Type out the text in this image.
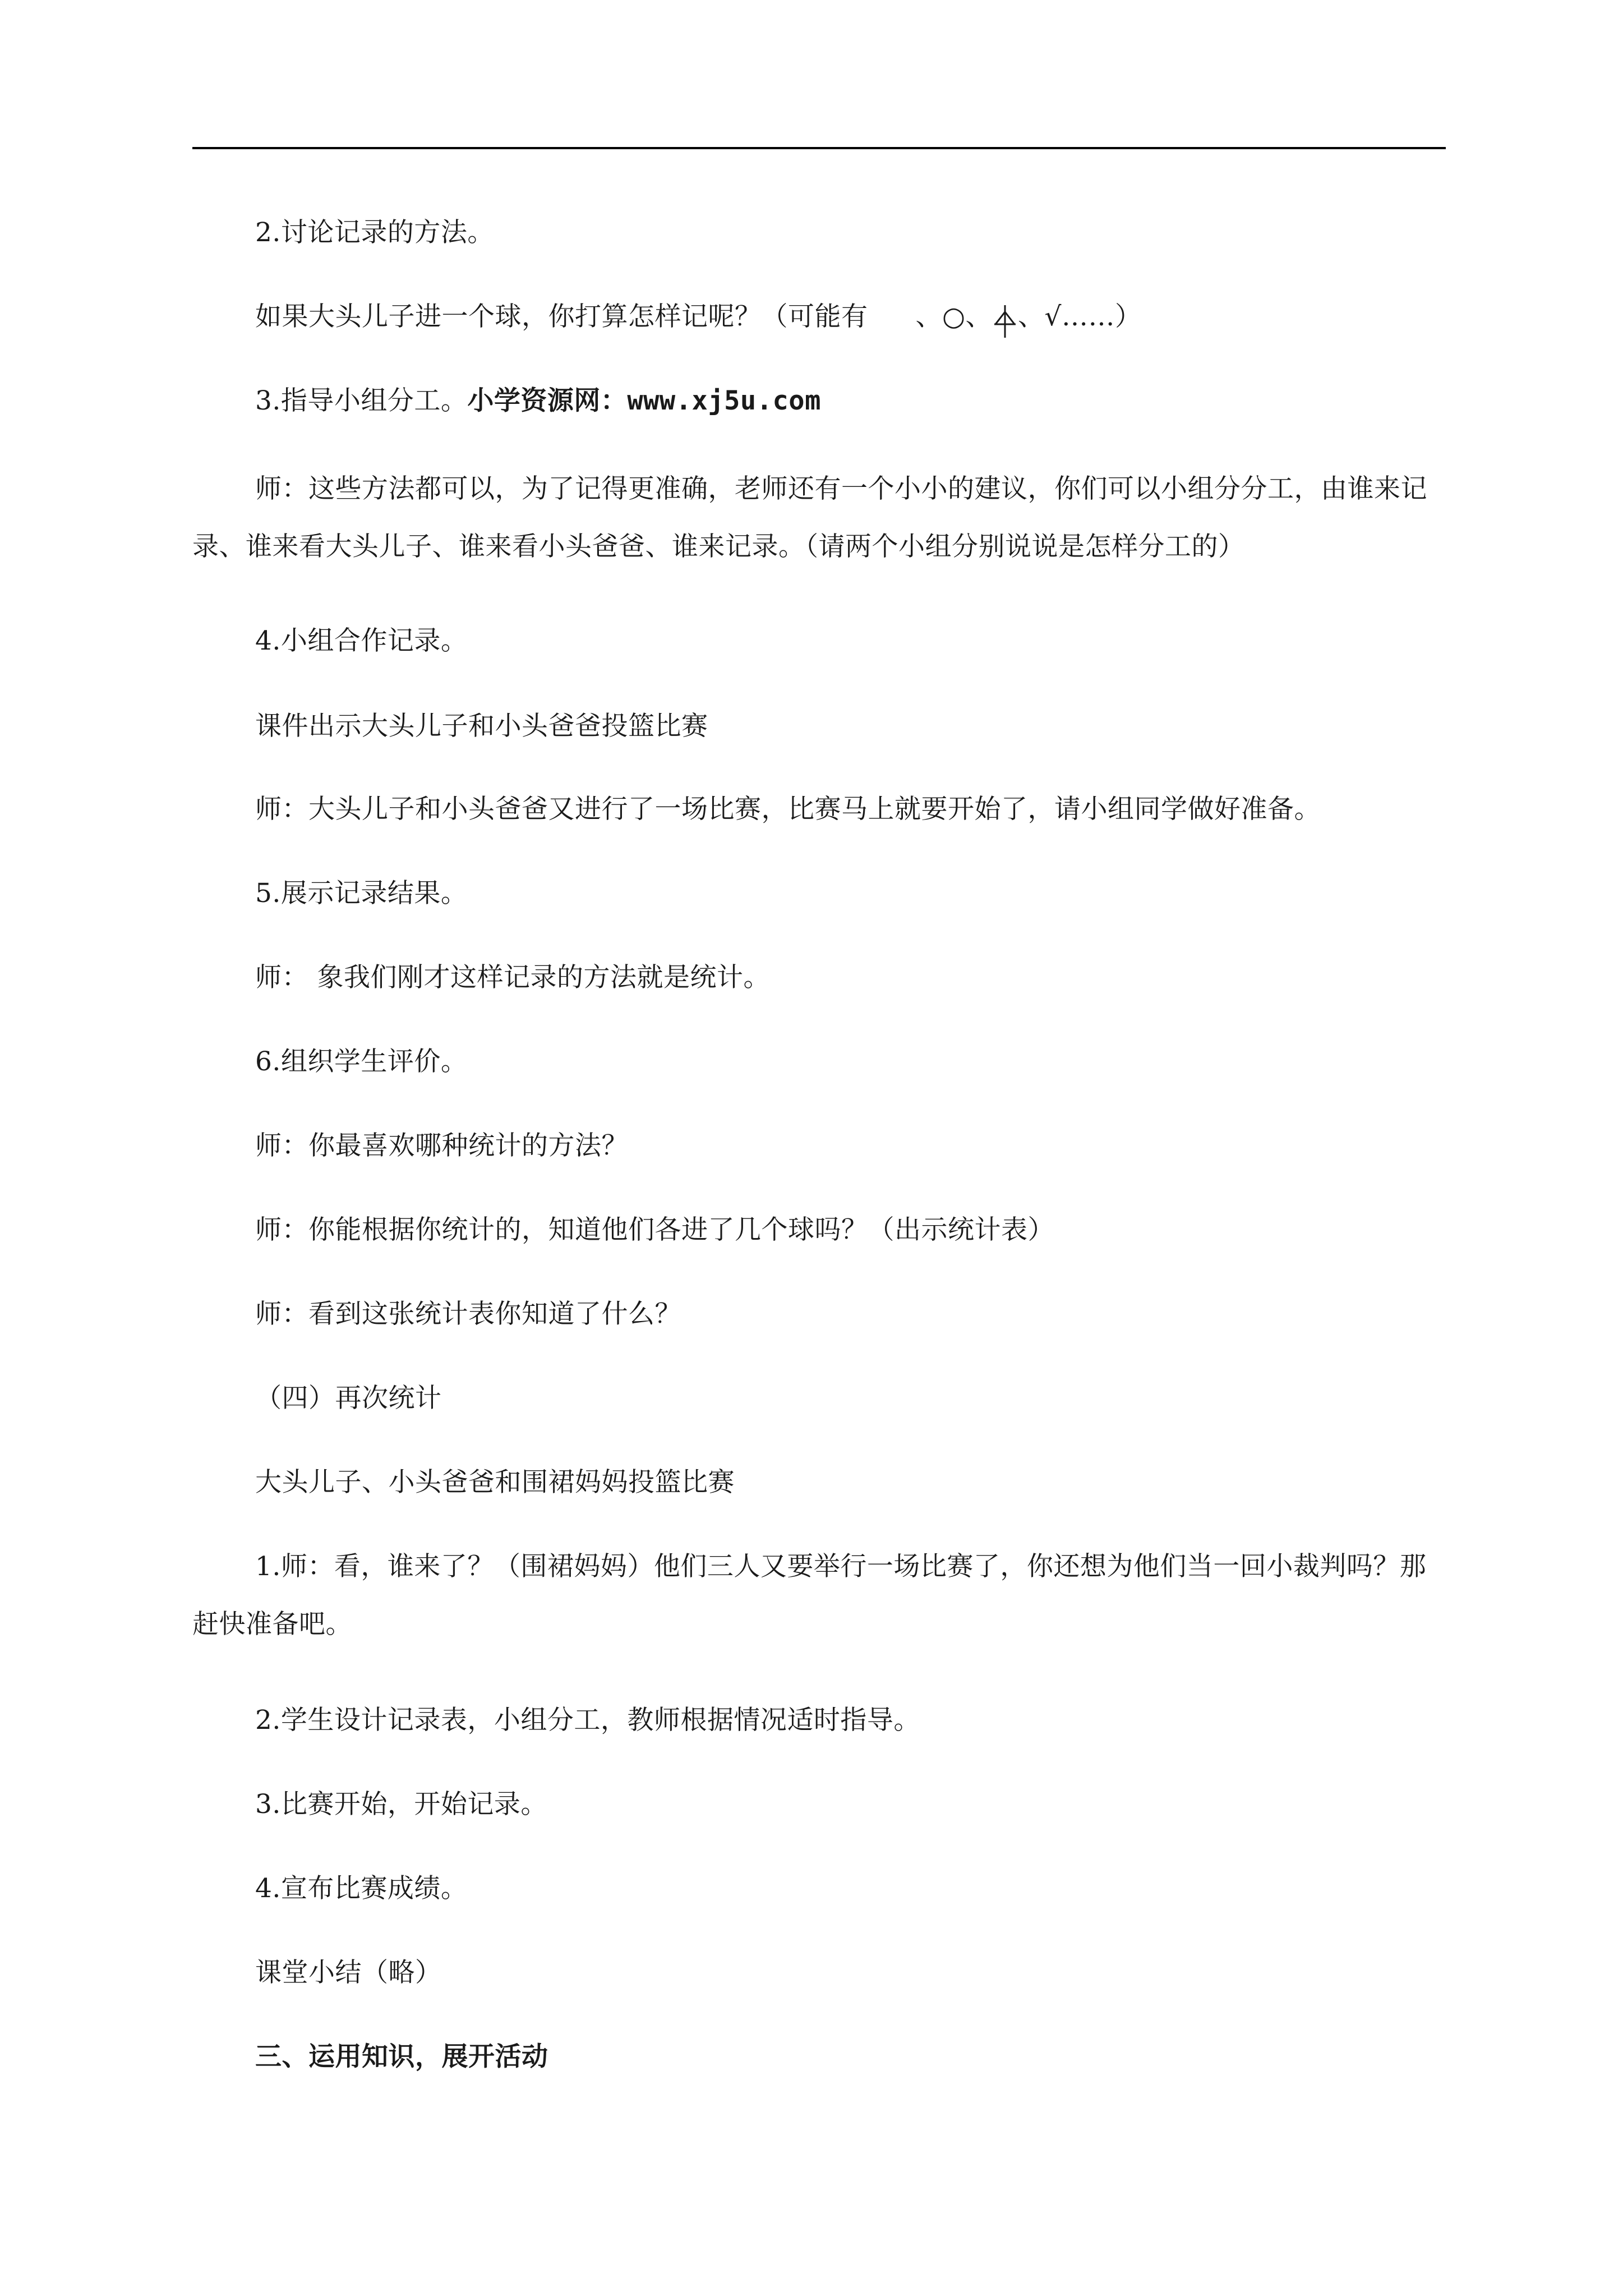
2.讨论记录的方法。

如果大头儿子进一个球，你打算怎样记呢？（可能有 、○、 、√……）

3.指导小组分工。小学资源网：www.xj5u.com

师：这些方法都可以，为了记得更准确，老师还有一个小小的建议，你们可以小组分分工，由谁来记录、谁来看大头儿子、谁来看小头爸爸、谁来记录。（请两个小组分别说说是怎样分工的）

4.小组合作记录。

课件出示大头儿子和小头爸爸投篮比赛

师：大头儿子和小头爸爸又进行了一场比赛，比赛马上就要开始了，请小组同学做好准备。

5.展示记录结果。

师： 象我们刚才这样记录的方法就是统计。

6.组织学生评价。

师：你最喜欢哪种统计的方法？

师：你能根据你统计的，知道他们各进了几个球吗？（出示统计表）

师：看到这张统计表你知道了什么？

（四）再次统计

大头儿子、小头爸爸和围裙妈妈投篮比赛

1.师：看，谁来了？（围裙妈妈）他们三人又要举行一场比赛了，你还想为他们当一回小裁判吗？那赶快准备吧。

2.学生设计记录表，小组分工，教师根据情况适时指导。

3.比赛开始，开始记录。

4.宣布比赛成绩。

课堂小结（略）

三、运用知识，展开活动
